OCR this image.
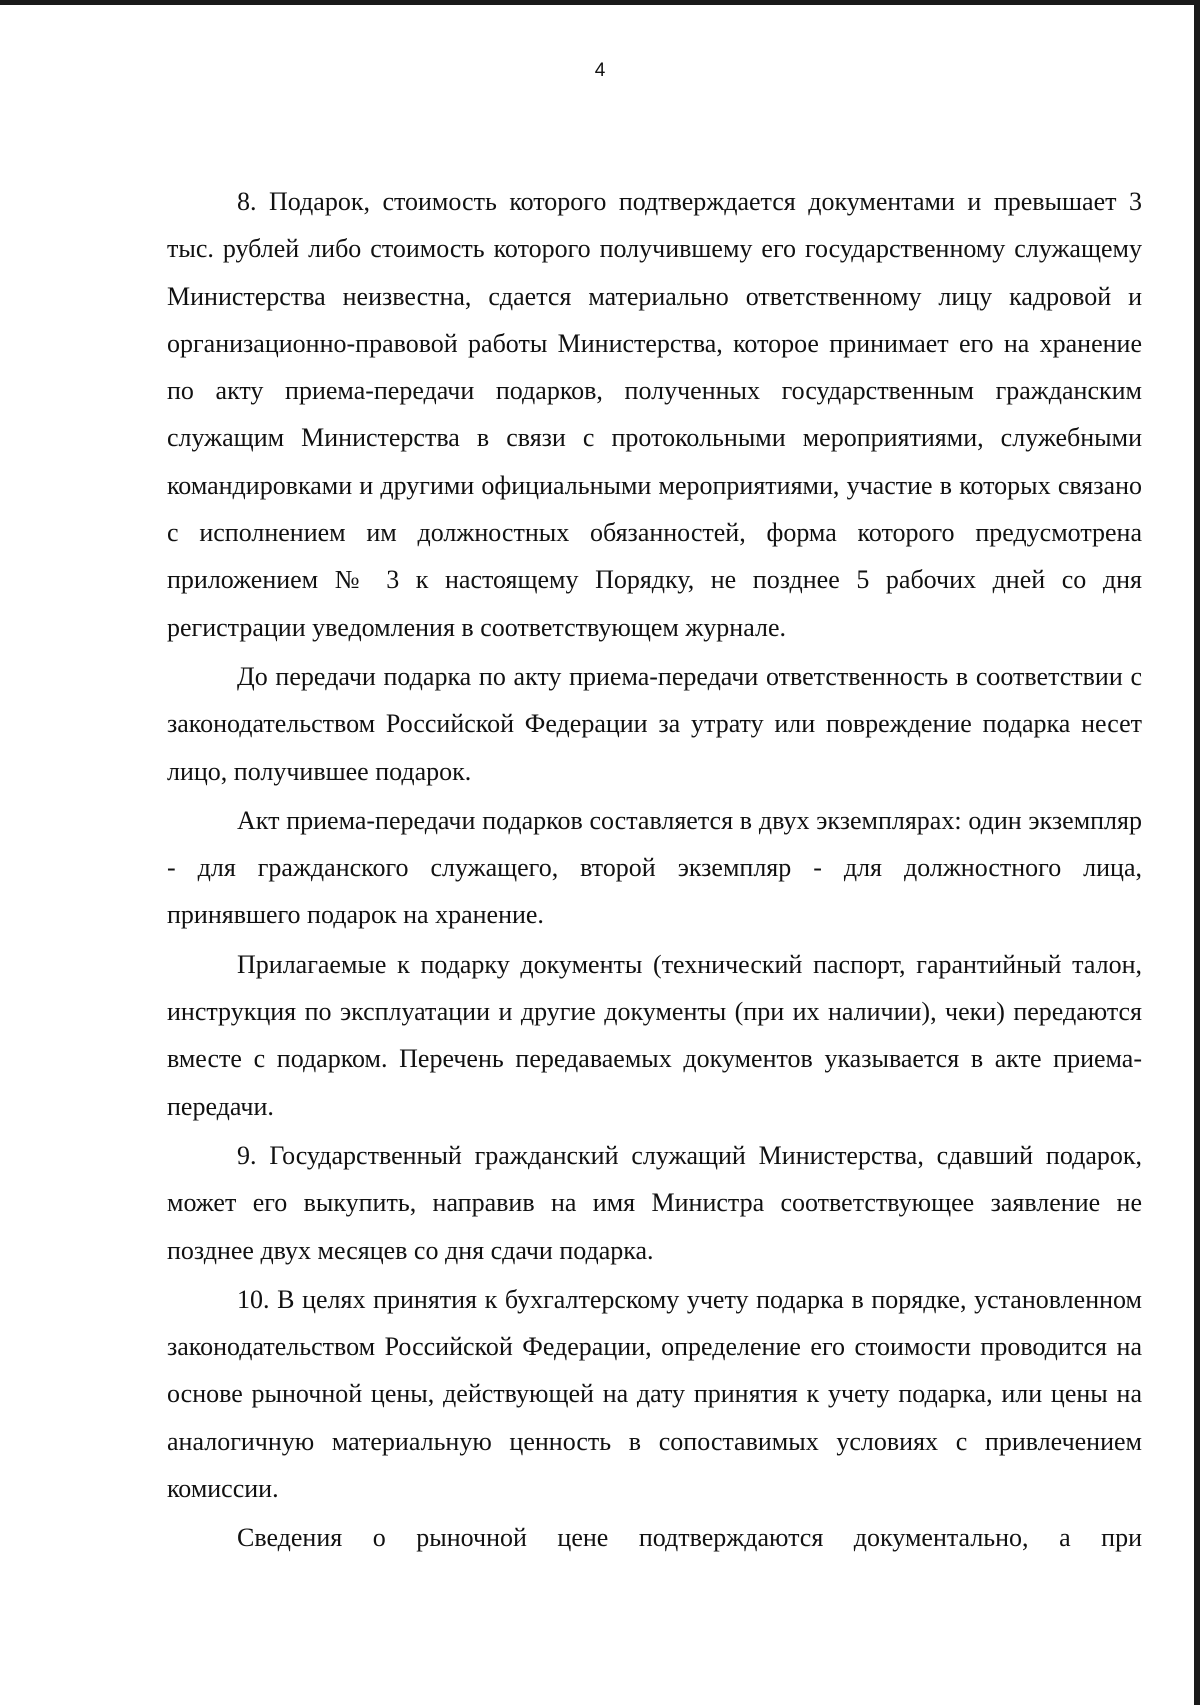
4

8. Подарок, стоимость которого подтверждается документами и превышает 3 тыс. рублей либо стоимость которого получившему его государственному служащему Министерства неизвестна, сдается материально ответственному лицу кадровой и организационно-правовой работы Министерства, которое принимает его на хранение по акту приема-передачи подарков, полученных государственным гражданским служащим Министерства в связи с протокольными мероприятиями, служебными командировками и другими официальными мероприятиями, участие в которых связано с исполнением им должностных обязанностей, форма которого предусмотрена приложением № 3 к настоящему Порядку, не позднее 5 рабочих дней со дня регистрации уведомления в соответствующем журнале.

До передачи подарка по акту приема-передачи ответственность в соответствии с законодательством Российской Федерации за утрату или повреждение подарка несет лицо, получившее подарок.

Акт приема-передачи подарков составляется в двух экземплярах: один экземпляр - для гражданского служащего, второй экземпляр - для должностного лица, принявшего подарок на хранение.

Прилагаемые к подарку документы (технический паспорт, гарантийный талон, инструкция по эксплуатации и другие документы (при их наличии), чеки) передаются вместе с подарком. Перечень передаваемых документов указывается в акте приема-передачи.

9. Государственный гражданский служащий Министерства, сдавший подарок, может его выкупить, направив на имя Министра соответствующее заявление не позднее двух месяцев со дня сдачи подарка.

10. В целях принятия к бухгалтерскому учету подарка в порядке, установленном законодательством Российской Федерации, определение его стоимости проводится на основе рыночной цены, действующей на дату принятия к учету подарка, или цены на аналогичную материальную ценность в сопоставимых условиях с привлечением комиссии.

Сведения о рыночной цене подтверждаются документально, а при
